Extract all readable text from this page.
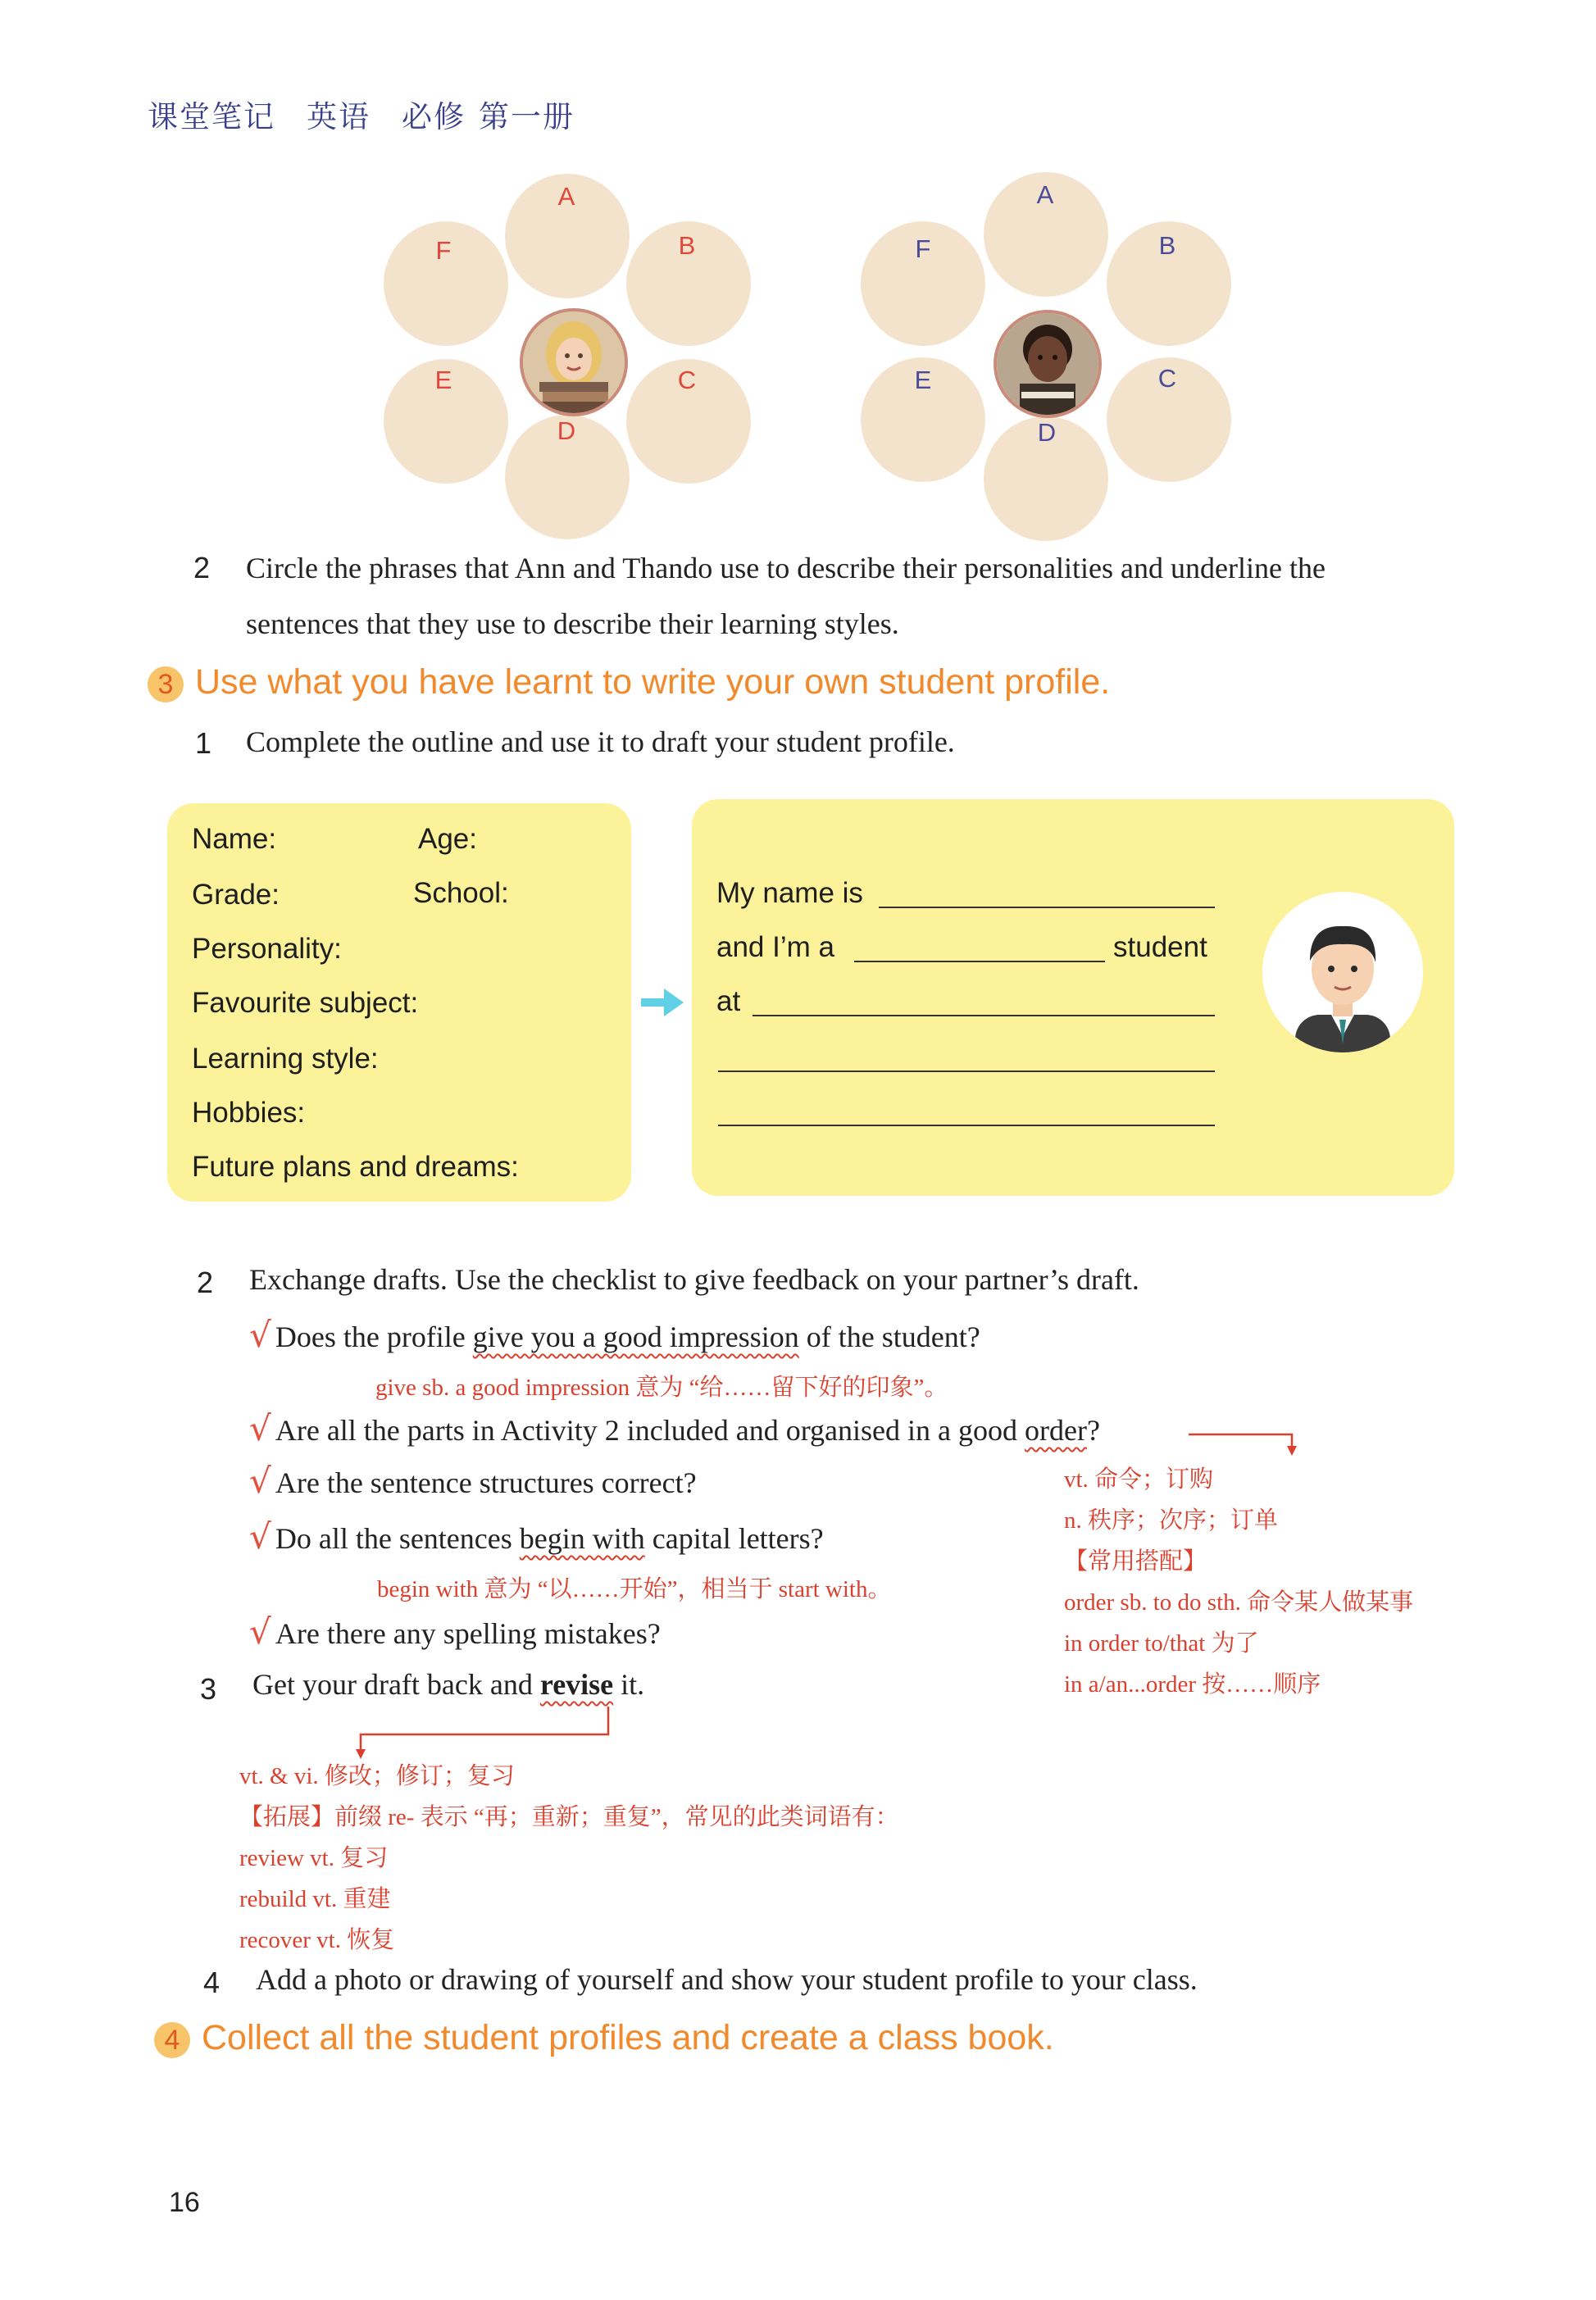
课堂笔记 英语 必修 第一册
A
B
C
D
E
F
A
B
C
D
E
F
2 Circle the phrases that Ann and Thando use to describe their personalities and underline the
sentences that they use to describe their learning styles.
3 Use what you have learnt to write your own student profile.
1 Complete the outline and use it to draft your student profile.
Name:	Age:
Grade:	School:
Personality:
Favourite subject:
Learning style:
Hobbies:
Future plans and dreams:
My name is
and I’m a	student
at
2 Exchange drafts. Use the checklist to give feedback on your partner’s draft.
√ Does the profile give you a good impression of the student?
give sb. a good impression 意为 “给……留下好的印象”。
√ Are all the parts in Activity 2 included and organised in a good order?
√ Are the sentence structures correct?
√ Do all the sentences begin with capital letters?
begin with 意为 “以……开始”，相当于 start with。
√ Are there any spelling mistakes?
vt. 命令；订购
n. 秩序；次序；订单
【常用搭配】
order sb. to do sth. 命令某人做某事
in order to/that 为了
in a/an...order 按……顺序
3 Get your draft back and revise it.
vt. & vi. 修改；修订；复习
【拓展】前缀 re- 表示 “再；重新；重复”，常见的此类词语有：
review vt. 复习
rebuild vt. 重建
recover vt. 恢复
4 Add a photo or drawing of yourself and show your student profile to your class.
4 Collect all the student profiles and create a class book.
16
